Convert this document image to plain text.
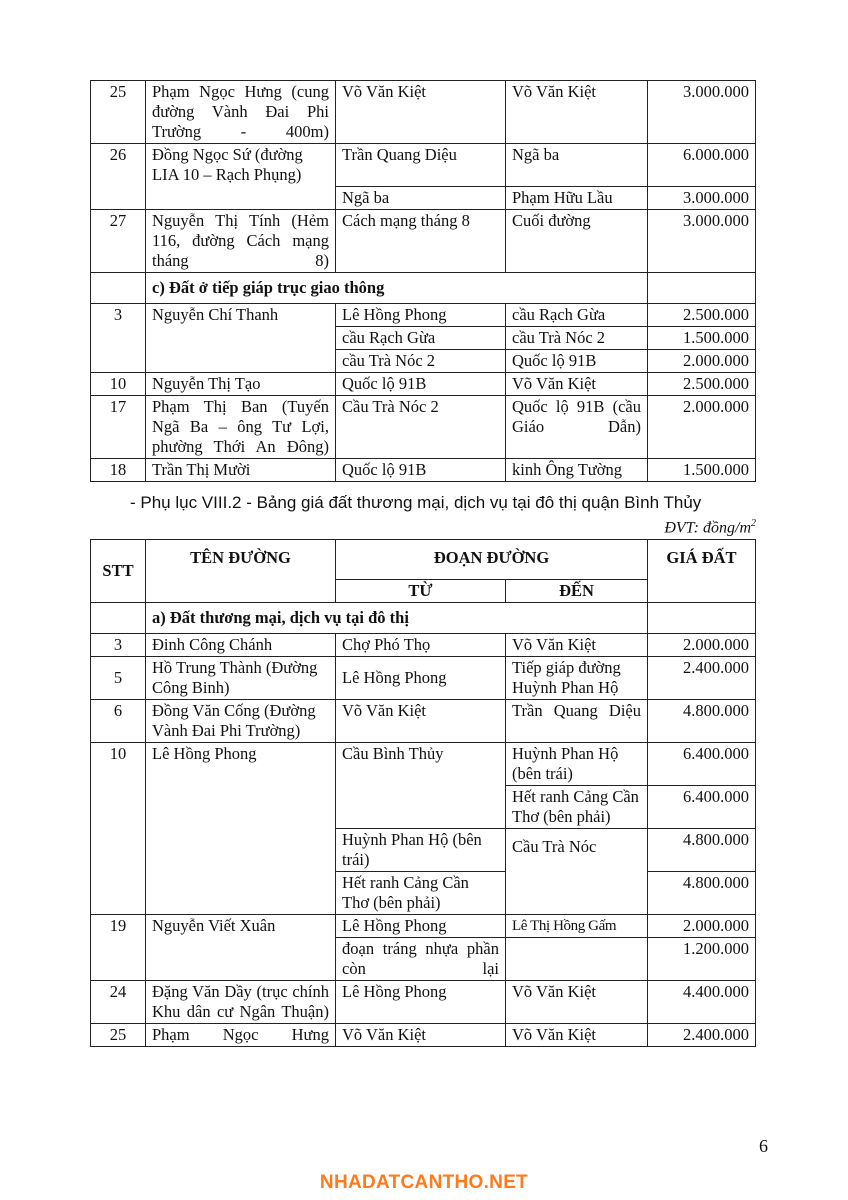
25	Phạm Ngọc Hưng (cung đường Vành Đai Phi Trường - 400m)	Võ Văn Kiệt	Võ Văn Kiệt	3.000.000
26	Đồng Ngọc Sứ (đường LIA 10 – Rạch Phụng)	Trần Quang Diệu	Ngã ba	6.000.000
		Ngã ba	Phạm Hữu Lầu	3.000.000
27	Nguyễn Thị Tính (Hẻm 116, đường Cách mạng tháng 8)	Cách mạng tháng 8	Cuối đường	3.000.000
	c) Đất ở tiếp giáp trục giao thông			
3	Nguyễn Chí Thanh	Lê Hồng Phong	cầu Rạch Gừa	2.500.000
		cầu Rạch Gừa	cầu Trà Nóc 2	1.500.000
		cầu Trà Nóc 2	Quốc lộ 91B	2.000.000
10	Nguyễn Thị Tạo	Quốc lộ 91B	Võ Văn Kiệt	2.500.000
17	Phạm Thị Ban (Tuyến Ngã Ba – ông Tư Lợi, phường Thới An Đông)	Cầu Trà Nóc 2	Quốc lộ 91B (cầu Giáo Dẫn)	2.000.000
18	Trần Thị Mười	Quốc lộ 91B	kinh Ông Tường	1.500.000
- Phụ lục VIII.2 - Bảng giá đất thương mại, dịch vụ tại đô thị quận Bình Thủy
ĐVT: đồng/$m^2$
STT	TÊN ĐƯỜNG	ĐOẠN ĐƯỜNG		GIÁ ĐẤT
		TỪ	ĐẾN	
	a) Đất thương mại, dịch vụ tại đô thị			
3	Đinh Công Chánh	Chợ Phó Thọ	Võ Văn Kiệt	2.000.000
5	Hồ Trung Thành (Đường Công Binh)	Lê Hồng Phong	Tiếp giáp đường Huỳnh Phan Hộ	2.400.000
6	Đồng Văn Cống (Đường Vành Đai Phi Trường)	Võ Văn Kiệt	Trần Quang Diệu	4.800.000
10	Lê Hồng Phong	Cầu Bình Thủy	Huỳnh Phan Hộ (bên trái)	6.400.000
			Hết ranh Cảng Cần Thơ (bên phải)	6.400.000
		Huỳnh Phan Hộ (bên trái)	Cầu Trà Nóc	4.800.000
		Hết ranh Cảng Cần Thơ (bên phải)		4.800.000
19	Nguyễn Viết Xuân	Lê Hồng Phong	Lê Thị Hồng Gấm	2.000.000
		đoạn tráng nhựa phần còn lại		1.200.000
24	Đặng Văn Dầy (trục chính Khu dân cư Ngân Thuận)	Lê Hồng Phong	Võ Văn Kiệt	4.400.000
25	Phạm Ngọc Hưng	Võ Văn Kiệt	Võ Văn Kiệt	2.400.000
6
NHADATCANTHO.NET
